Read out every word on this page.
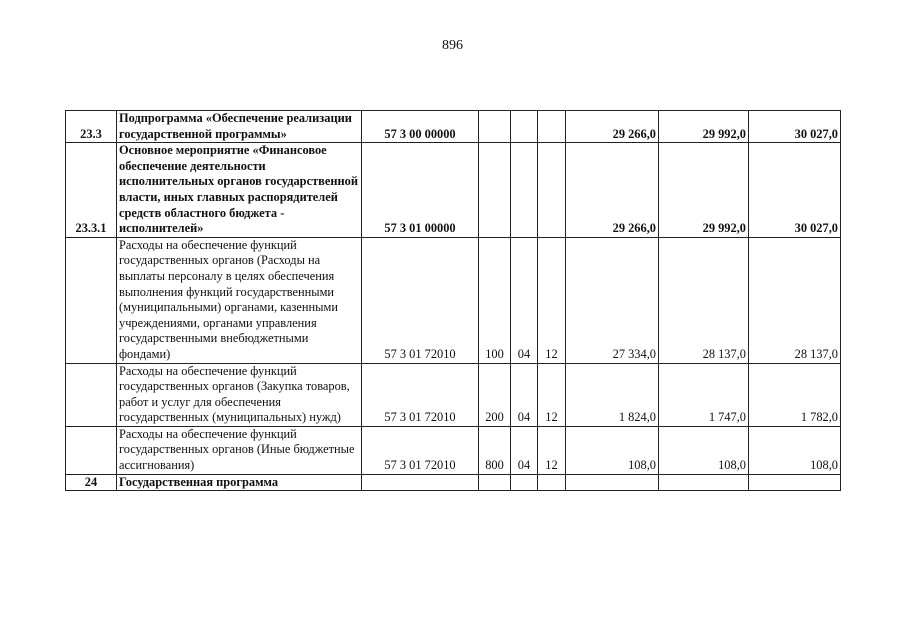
896
23.3	Подпрограмма «Обеспечение реализации государственной программы»	57 3 00 00000				29 266,0	29 992,0	30 027,0
23.3.1	Основное мероприятие «Финансовое обеспечение деятельности исполнительных органов государственной власти, иных главных распорядителей средств областного бюджета - исполнителей»	57 3 01 00000				29 266,0	29 992,0	30 027,0
	Расходы на обеспечение функций государственных органов (Расходы на выплаты персоналу в целях обеспечения выполнения функций государственными (муниципальными) органами, казенными учреждениями, органами управления государственными внебюджетными фондами)	57 3 01 72010	100	04	12	27 334,0	28 137,0	28 137,0
	Расходы на обеспечение функций государственных органов (Закупка товаров, работ и услуг для обеспечения государственных (муниципальных) нужд)	57 3 01 72010	200	04	12	1 824,0	1 747,0	1 782,0
	Расходы на обеспечение функций государственных органов (Иные бюджетные ассигнования)	57 3 01 72010	800	04	12	108,0	108,0	108,0
24	Государственная программа							
